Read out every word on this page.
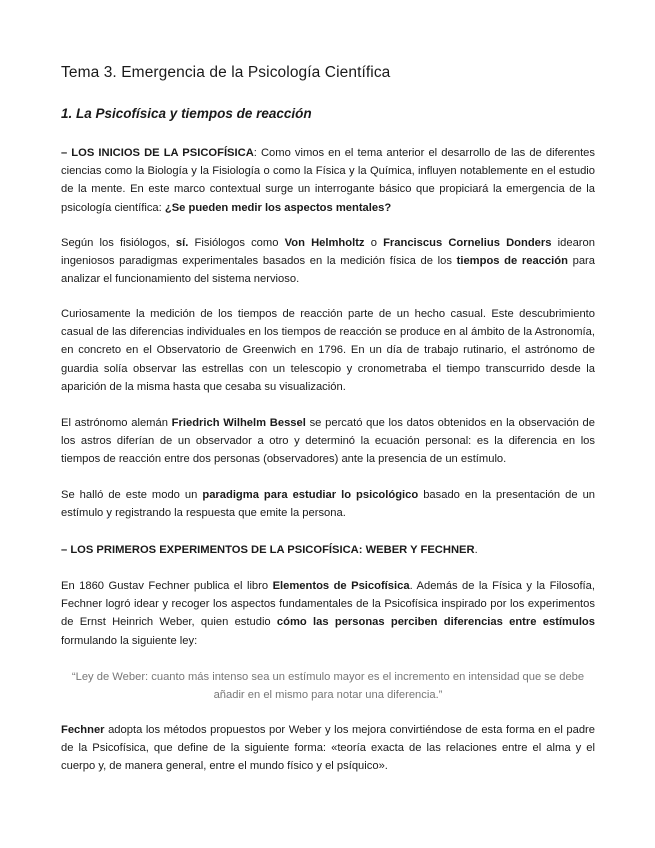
Tema 3. Emergencia de la Psicología Científica
1. La Psicofísica y tiempos de reacción

– LOS INICIOS DE LA PSICOFÍSICA: Como vimos en el tema anterior el desarrollo de las de diferentes ciencias como la Biología y la Fisiología o como la Física y la Química, influyen notablemente en el estudio de la mente. En este marco contextual surge un interrogante básico que propiciará la emergencia de la psicología científica: ¿Se pueden medir los aspectos mentales?

Según los fisiólogos, sí. Fisiólogos como Von Helmholtz o Franciscus Cornelius Donders idearon ingeniosos paradigmas experimentales basados en la medición física de los tiempos de reacción para analizar el funcionamiento del sistema nervioso.

Curiosamente la medición de los tiempos de reacción parte de un hecho casual. Este descubrimiento casual de las diferencias individuales en los tiempos de reacción se produce en al ámbito de la Astronomía, en concreto en el Observatorio de Greenwich en 1796. En un día de trabajo rutinario, el astrónomo de guardia solía observar las estrellas con un telescopio y cronometraba el tiempo transcurrido desde la aparición de la misma hasta que cesaba su visualización.

El astrónomo alemán Friedrich Wilhelm Bessel se percató que los datos obtenidos en la observación de los astros diferían de un observador a otro y determinó la ecuación personal: es la diferencia en los tiempos de reacción entre dos personas (observadores) ante la presencia de un estímulo.

Se halló de este modo un paradigma para estudiar lo psicológico basado en la presentación de un estímulo y registrando la respuesta que emite la persona.

– LOS PRIMEROS EXPERIMENTOS DE LA PSICOFÍSICA: WEBER Y FECHNER.

En 1860 Gustav Fechner publica el libro Elementos de Psicofísica. Además de la Física y la Filosofía, Fechner logró idear y recoger los aspectos fundamentales de la Psicofísica inspirado por los experimentos de Ernst Heinrich Weber, quien estudio cómo las personas perciben diferencias entre estímulos formulando la siguiente ley:

“Ley de Weber: cuanto más intenso sea un estímulo mayor es el incremento en intensidad que se debe añadir en el mismo para notar una diferencia.”

Fechner adopta los métodos propuestos por Weber y los mejora convirtiéndose de esta forma en el padre de la Psicofísica, que define de la siguiente forma: «teoría exacta de las relaciones entre el alma y el cuerpo y, de manera general, entre el mundo físico y el psíquico».
